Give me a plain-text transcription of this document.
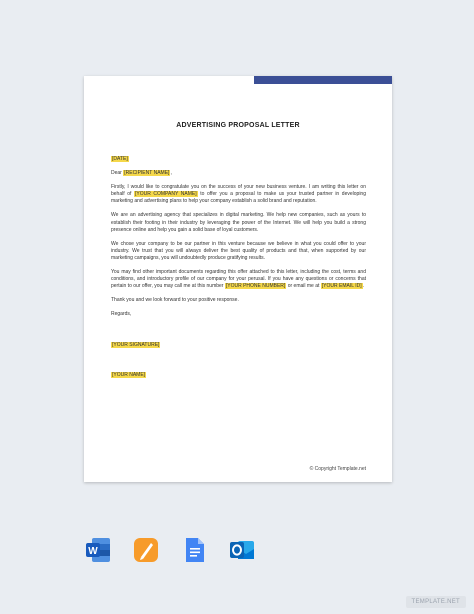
ADVERTISING PROPOSAL LETTER

[DATE]

Dear [RECIPIENT NAME],

Firstly, I would like to congratulate you on the success of your new business venture. I am writing this letter on behalf of [YOUR COMPANY NAME] to offer you a proposal to make us your trusted partner in developing marketing and advertising plans to help your company establish a solid brand and reputation.

We are an advertising agency that specializes in digital marketing. We help new companies, such as yours to establish their footing in their industry by leveraging the power of the Internet. We will help you build a strong presence online and help you gain a solid base of loyal customers.

We chose your company to be our partner in this venture because we believe in what you could offer to your industry. We trust that you will always deliver the best quality of products and that, when supported by our marketing campaigns, you will undoubtedly produce gratifying results.

You may find other important documents regarding this offer attached to this letter, including the cost, terms and conditions, and introductory profile of our company for your perusal. If you have any questions or concerns that pertain to our offer, you may call me at this number [YOUR PHONE NUMBER] or email me at [YOUR EMAIL ID].

Thank you and we look forward to your positive response.

Regards,

[YOUR SIGNATURE]

[YOUR NAME]

© Copyright Template.net
W
TEMPLATE.NET
